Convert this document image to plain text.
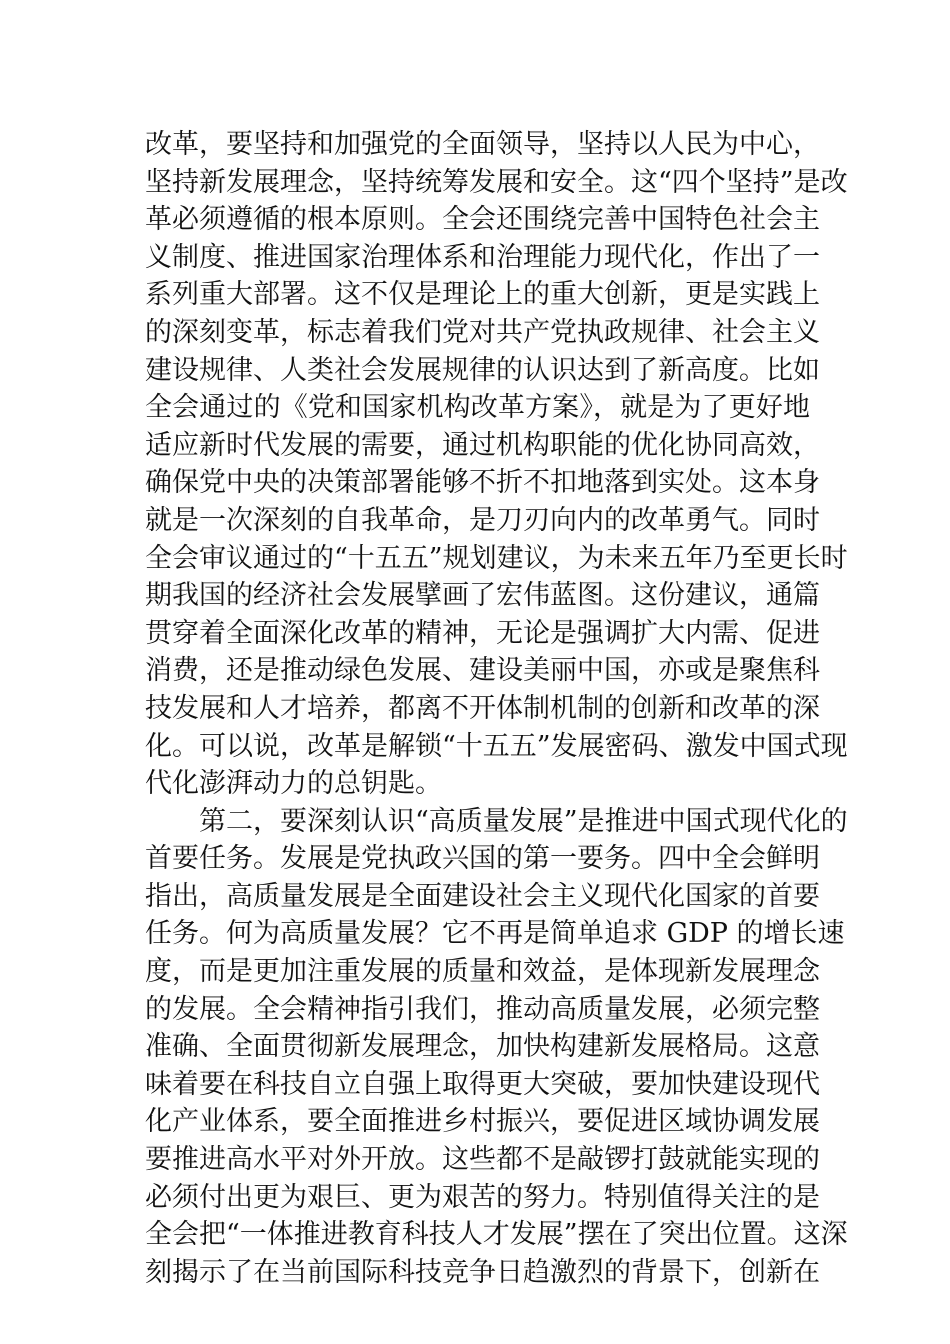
改革，要坚持和加强党的全面领导，坚持以人民为中心，
坚持新发展理念，坚持统筹发展和安全。这“四个坚持”是改
革必须遵循的根本原则。全会还围绕完善中国特色社会主
义制度、推进国家治理体系和治理能力现代化，作出了一
系列重大部署。这不仅是理论上的重大创新，更是实践上
的深刻变革，标志着我们党对共产党执政规律、社会主义
建设规律、人类社会发展规律的认识达到了新高度。比如
全会通过的《党和国家机构改革方案》，就是为了更好地
适应新时代发展的需要，通过机构职能的优化协同高效，
确保党中央的决策部署能够不折不扣地落到实处。这本身
就是一次深刻的自我革命，是刀刃向内的改革勇气。同时
全会审议通过的“十五五”规划建议，为未来五年乃至更长时
期我国的经济社会发展擘画了宏伟蓝图。这份建议，通篇
贯穿着全面深化改革的精神，无论是强调扩大内需、促进
消费，还是推动绿色发展、建设美丽中国，亦或是聚焦科
技发展和人才培养，都离不开体制机制的创新和改革的深
化。可以说，改革是解锁“十五五”发展密码、激发中国式现
代化澎湃动力的总钥匙。
第二，要深刻认识“高质量发展”是推进中国式现代化的
首要任务。发展是党执政兴国的第一要务。四中全会鲜明
指出，高质量发展是全面建设社会主义现代化国家的首要
任务。何为高质量发展？它不再是简单追求 GDP 的增长速
度，而是更加注重发展的质量和效益，是体现新发展理念
的发展。全会精神指引我们，推动高质量发展，必须完整
准确、全面贯彻新发展理念，加快构建新发展格局。这意
味着要在科技自立自强上取得更大突破，要加快建设现代
化产业体系，要全面推进乡村振兴，要促进区域协调发展
要推进高水平对外开放。这些都不是敲锣打鼓就能实现的
必须付出更为艰巨、更为艰苦的努力。特别值得关注的是
全会把“一体推进教育科技人才发展”摆在了突出位置。这深
刻揭示了在当前国际科技竞争日趋激烈的背景下，创新在
